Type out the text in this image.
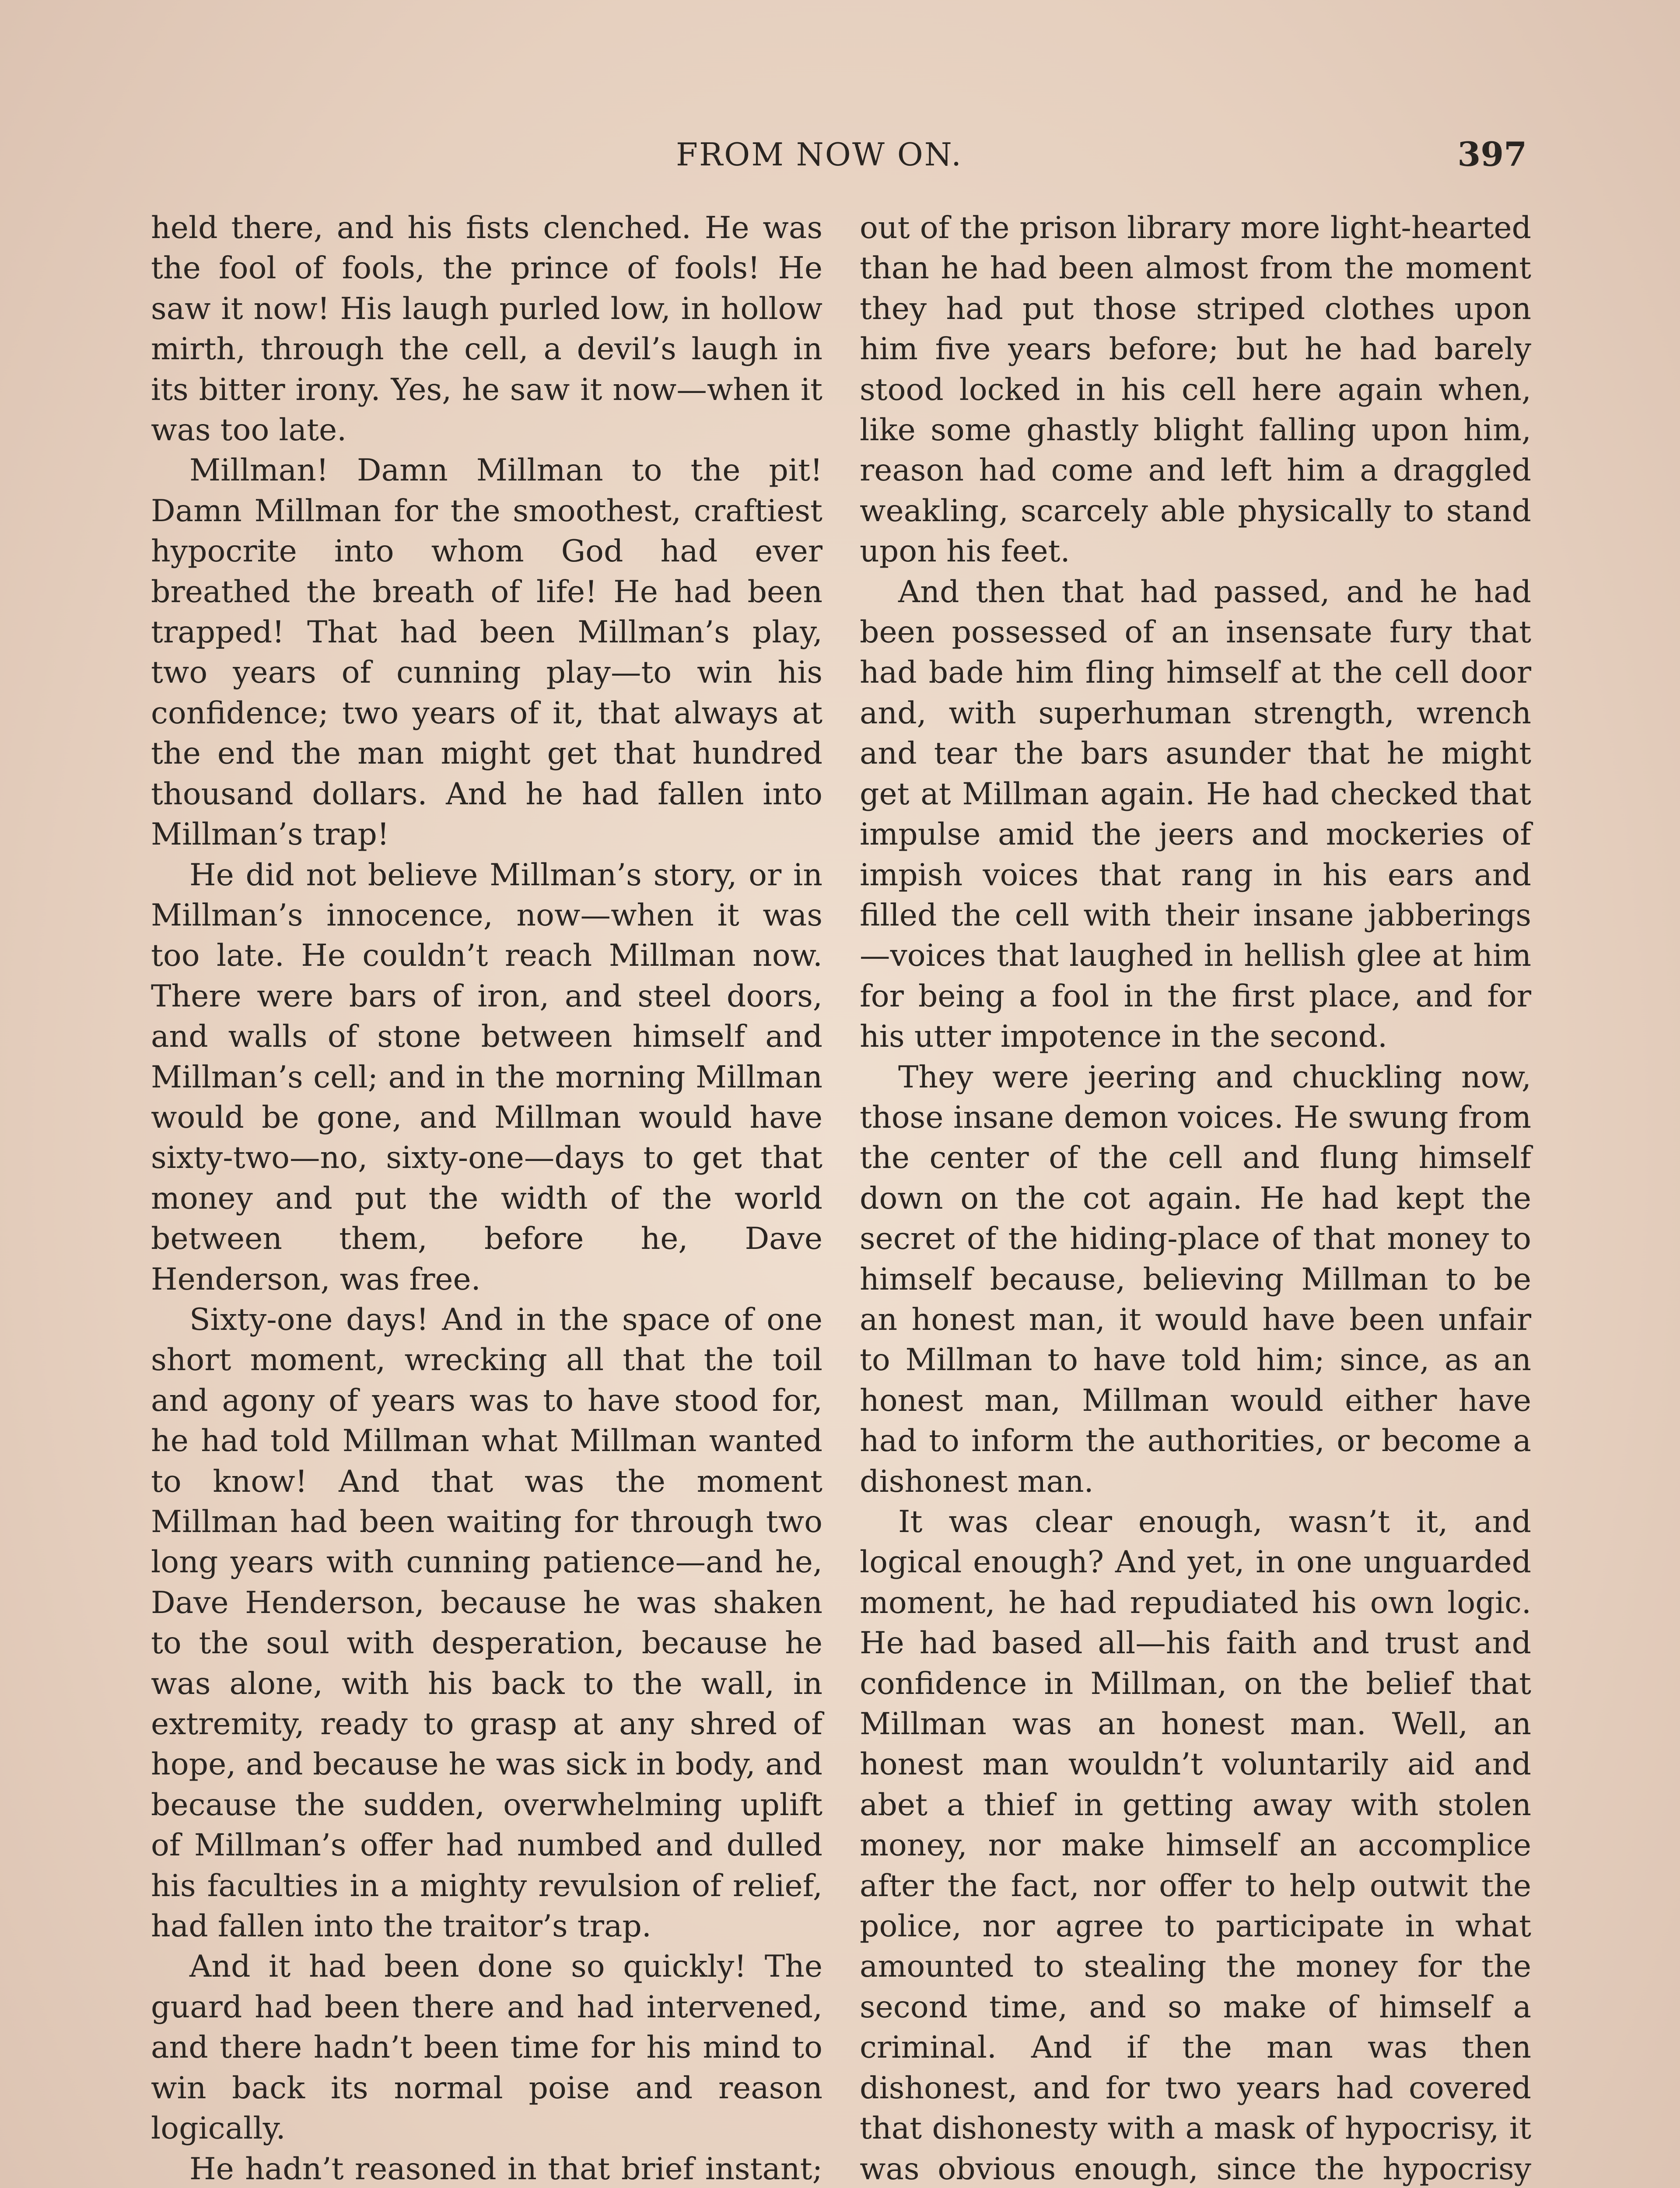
FROM NOW ON.	397

held there, and his fists clenched. He was the fool of fools, the prince of fools! He saw it now! His laugh purled low, in hollow mirth, through the cell, a devil’s laugh in its bitter irony. Yes, he saw it now—when it was too late.

Millman! Damn Millman to the pit! Damn Millman for the smoothest, craftiest hypocrite into whom God had ever breathed the breath of life! He had been trapped! That had been Millman’s play, two years of cunning play—to win his confidence; two years of it, that always at the end the man might get that hundred thousand dollars. And he had fallen into Millman’s trap!

He did not believe Millman’s story, or in Millman’s innocence, now—when it was too late. He couldn’t reach Millman now. There were bars of iron, and steel doors, and walls of stone between himself and Millman’s cell; and in the morning Millman would be gone, and Millman would have sixty-two—no, sixty-one—days to get that money and put the width of the world between them, before he, Dave Henderson, was free.

Sixty-one days! And in the space of one short moment, wrecking all that the toil and agony of years was to have stood for, he had told Millman what Millman wanted to know! And that was the moment Millman had been waiting for through two long years with cunning patience—and he, Dave Henderson, because he was shaken to the soul with desperation, because he was alone, with his back to the wall, in extremity, ready to grasp at any shred of hope, and because he was sick in body, and because the sudden, overwhelming uplift of Millman’s offer had numbed and dulled his faculties in a mighty revulsion of relief, had fallen into the traitor’s trap.

And it had been done so quickly! The guard had been there and had intervened, and there hadn’t been time for his mind to win back its normal poise and reason logically.

He hadn’t reasoned in that brief instant;

out of the prison library more light-hearted than he had been almost from the moment they had put those striped clothes upon him five years before; but he had barely stood locked in his cell here again when, like some ghastly blight falling upon him, reason had come and left him a draggled weakling, scarcely able physically to stand upon his feet.

And then that had passed, and he had been possessed of an insensate fury that had bade him fling himself at the cell door and, with superhuman strength, wrench and tear the bars asunder that he might get at Millman again. He had checked that impulse amid the jeers and mockeries of impish voices that rang in his ears and filled the cell with their insane jabberings—voices that laughed in hellish glee at him for being a fool in the first place, and for his utter impotence in the second.

They were jeering and chuckling now, those insane demon voices. He swung from the center of the cell and flung himself down on the cot again. He had kept the secret of the hiding-place of that money to himself because, believing Millman to be an honest man, it would have been unfair to Millman to have told him; since, as an honest man, Millman would either have had to inform the authorities, or become a dishonest man.

It was clear enough, wasn’t it, and logical enough? And yet, in one unguarded moment, he had repudiated his own logic. He had based all—his faith and trust and confidence in Millman, on the belief that Millman was an honest man. Well, an honest man wouldn’t voluntarily aid and abet a thief in getting away with stolen money, nor make himself an accomplice after the fact, nor offer to help outwit the police, nor agree to participate in what amounted to stealing the money for the second time, and so make of himself a criminal. And if the man was then dishonest, and for two years had covered that dishonesty with a mask of hypocrisy, it was obvious enough, since the hypocrisy
